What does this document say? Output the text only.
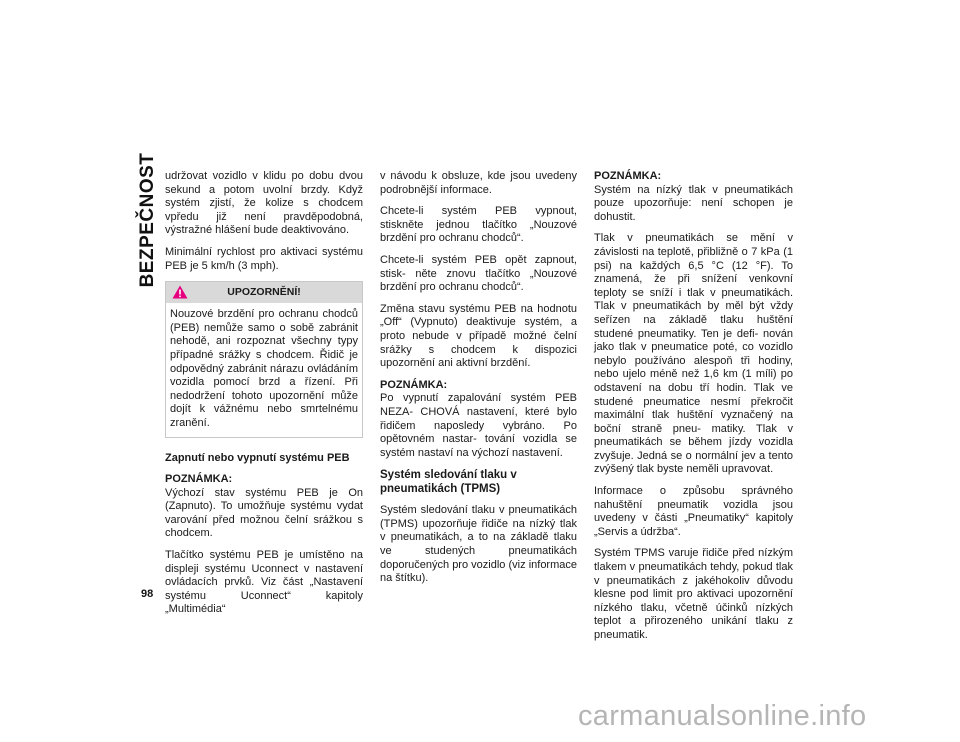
BEZPEČNOST
98

udržovat vozidlo v klidu po dobu dvou sekund a potom uvolní brzdy. Když systém zjistí, že kolize s chodcem vpředu již není pravděpodobná, výstražné hlášení bude deaktivováno.

Minimální rychlost pro aktivaci systému PEB je 5 km/h (3 mph).

UPOZORNĚNÍ!

Nouzové brzdění pro ochranu chodců (PEB) nemůže samo o sobě zabránit nehodě, ani rozpoznat všechny typy případné srážky s chodcem. Řidič je odpovědný zabránit nárazu ovládáním vozidla pomocí brzd a řízení. Při nedodržení tohoto upozornění může dojít k vážnému nebo smrtelnému zranění.

Zapnutí nebo vypnutí systému PEB

POZNÁMKA:
Výchozí stav systému PEB je On (Zapnuto). To umožňuje systému vydat varování před možnou čelní srážkou s chodcem.

Tlačítko systému PEB je umístěno na displeji systému Uconnect v nastavení ovládacích prvků. Viz část „Nastavení systému Uconnect“ kapitoly „Multimédia“

v návodu k obsluze, kde jsou uvedeny podrobnější informace.

Chcete-li systém PEB vypnout, stiskněte jednou tlačítko „Nouzové brzdění pro ochranu chodců“.

Chcete-li systém PEB opět zapnout, stisk- něte znovu tlačítko „Nouzové brzdění pro ochranu chodců“.

Změna stavu systému PEB na hodnotu „Off“ (Vypnuto) deaktivuje systém, a proto nebude v případě možné čelní srážky s chodcem k dispozici upozornění ani aktivní brzdění.

POZNÁMKA:
Po vypnutí zapalování systém PEB NEZA- CHOVÁ nastavení, které bylo řidičem naposledy vybráno. Po opětovném nastar- tování vozidla se systém nastaví na výchozí nastavení.

Systém sledování tlaku v pneumatikách (TPMS)

Systém sledování tlaku v pneumatikách (TPMS) upozorňuje řidiče na nízký tlak v pneumatikách, a to na základě tlaku ve studených pneumatikách doporučených pro vozidlo (viz informace na štítku).

POZNÁMKA:
Systém na nízký tlak v pneumatikách pouze upozorňuje: není schopen je dohustit.

Tlak v pneumatikách se mění v závislosti na teplotě, přibližně o 7 kPa (1 psi) na každých 6,5 °C (12 °F). To znamená, že při snížení venkovní teploty se sníží i tlak v pneumatikách. Tlak v pneumatikách by měl být vždy seřízen na základě tlaku huštění studené pneumatiky. Ten je defi- nován jako tlak v pneumatice poté, co vozidlo nebylo používáno alespoň tři hodiny, nebo ujelo méně než 1,6 km (1 míli) po odstavení na dobu tří hodin. Tlak ve studené pneumatice nesmí překročit maximální tlak huštění vyznačený na boční straně pneu- matiky. Tlak v pneumatikách se během jízdy vozidla zvyšuje. Jedná se o normální jev a tento zvýšený tlak byste neměli upravovat.

Informace o způsobu správného nahuštění pneumatik vozidla jsou uvedeny v části „Pneumatiky“ kapitoly „Servis a údržba“.

Systém TPMS varuje řidiče před nízkým tlakem v pneumatikách tehdy, pokud tlak v pneumatikách z jakéhokoliv důvodu klesne pod limit pro aktivaci upozornění nízkého tlaku, včetně účinků nízkých teplot a přirozeného unikání tlaku z pneumatik.

carmanualsonline.info
